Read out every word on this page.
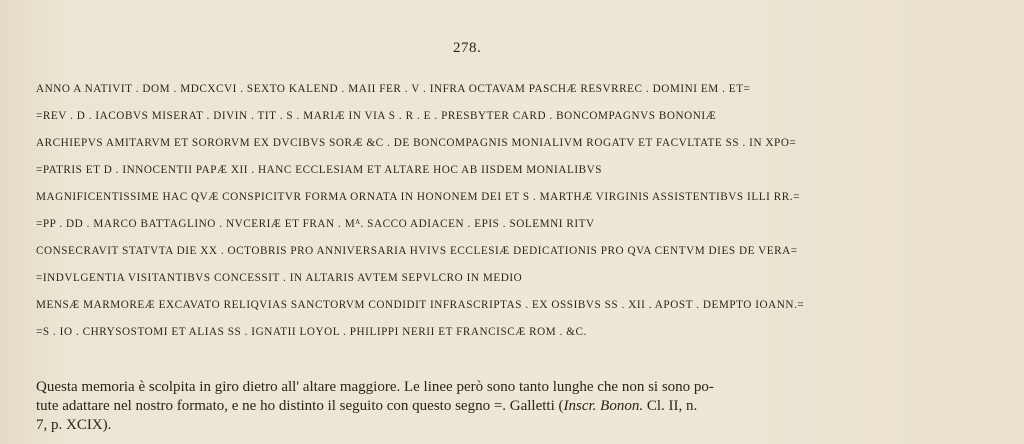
278.
ANNO A NATIVIT . DOM . MDCXCVI . SEXTO KALEND . MAII FER . V . INFRA OCTAVAM PASCHÆ RESVRREC . DOMINI EM . ET=
=REV . D . IACOBVS MISERAT . DIVIN . TIT . S . MARIÆ IN VIA S . R . E . PRESBYTER CARD . BONCOMPAGNVS BONONIÆ
ARCHIEPVS AMITARVM ET SORORVM EX DVCIBVS SORÆ &C . DE BONCOMPAGNIS MONIALIVM ROGATV ET FACVLTATE SS . IN XPO=
=PATRIS ET D . INNOCENTII PAPÆ XII . HANC ECCLESIAM ET ALTARE HOC AB IISDEM MONIALIBVS
MAGNIFICENTISSIME HAC QVÆ CONSPICITVR FORMA ORNATA IN HONONEM DEI ET S . MARTHÆ VIRGINIS ASSISTENTIBVS ILLI RR.=
=PP . DD . MARCO BATTAGLINO . NVCERIÆ ET FRAN . Mᴬ. SACCO ADIACEN . EPIS . SOLEMNI RITV
CONSECRAVIT STATVTA DIE XX . OCTOBRIS PRO ANNIVERSARIA HVIVS ECCLESIÆ DEDICATIONIS PRO QVA CENTVM DIES DE VERA=
=INDVLGENTIA VISITANTIBVS CONCESSIT . IN ALTARIS AVTEM SEPVLCRO IN MEDIO
MENSÆ MARMOREÆ EXCAVATO RELIQVIAS SANCTORVM CONDIDIT INFRASCRIPTAS . EX OSSIBVS SS . XII . APOST . DEMPTO IOANN.=
=S . IO . CHRYSOSTOMI ET ALIAS SS . IGNATII LOYOL . PHILIPPI NERII ET FRANCISCÆ ROM . &C.

Questa memoria è scolpita in giro dietro all' altare maggiore. Le linee però sono tanto lunghe che non si sono po-

tute adattare nel nostro formato, e ne ho distinto il seguito con questo segno =. Galletti (Inscr. Bonon. Cl. II, n.

7, p. XCIX).
